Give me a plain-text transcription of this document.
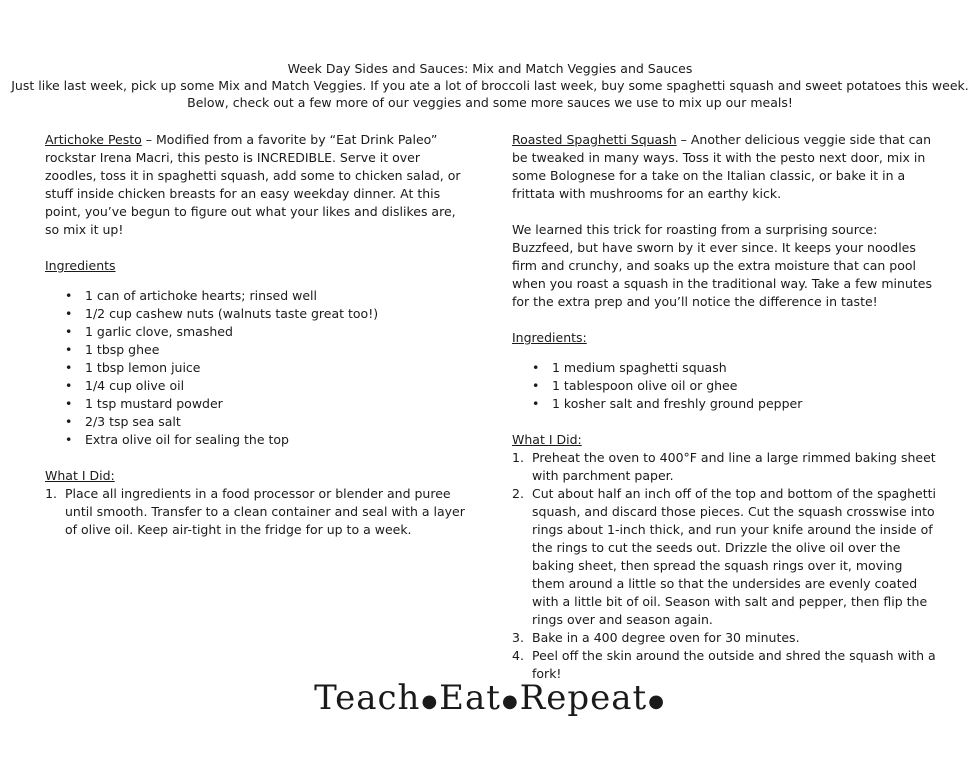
Week Day Sides and Sauces: Mix and Match Veggies and Sauces
Just like last week, pick up some Mix and Match Veggies. If you ate a lot of broccoli last week, buy some spaghetti squash and sweet potatoes this week.
Below, check out a few more of our veggies and some more sauces we use to mix up our meals!

Artichoke Pesto – Modified from a favorite by “Eat Drink Paleo” rockstar Irena Macri, this pesto is INCREDIBLE. Serve it over zoodles, toss it in spaghetti squash, add some to chicken salad, or stuff inside chicken breasts for an easy weekday dinner. At this point, you’ve begun to figure out what your likes and dislikes are, so mix it up!

Ingredients

• 1 can of artichoke hearts; rinsed well
• 1/2 cup cashew nuts (walnuts taste great too!)
• 1 garlic clove, smashed
• 1 tbsp ghee
• 1 tbsp lemon juice
• 1/4 cup olive oil
• 1 tsp mustard powder
• 2/3 tsp sea salt
• Extra olive oil for sealing the top

What I Did:

1. Place all ingredients in a food processor or blender and puree until smooth. Transfer to a clean container and seal with a layer of olive oil. Keep air-tight in the fridge for up to a week.

Roasted Spaghetti Squash – Another delicious veggie side that can be tweaked in many ways. Toss it with the pesto next door, mix in some Bolognese for a take on the Italian classic, or bake it in a frittata with mushrooms for an earthy kick.

We learned this trick for roasting from a surprising source: Buzzfeed, but have sworn by it ever since. It keeps your noodles firm and crunchy, and soaks up the extra moisture that can pool when you roast a squash in the traditional way. Take a few minutes for the extra prep and you’ll notice the difference in taste!

Ingredients:

• 1 medium spaghetti squash
• 1 tablespoon olive oil or ghee
• 1 kosher salt and freshly ground pepper

What I Did:

1. Preheat the oven to 400°F and line a large rimmed baking sheet with parchment paper.
2. Cut about half an inch off of the top and bottom of the spaghetti squash, and discard those pieces. Cut the squash crosswise into rings about 1-inch thick, and run your knife around the inside of the rings to cut the seeds out. Drizzle the olive oil over the baking sheet, then spread the squash rings over it, moving them around a little so that the undersides are evenly coated with a little bit of oil. Season with salt and pepper, then flip the rings over and season again.
3. Bake in a 400 degree oven for 30 minutes.
4. Peel off the skin around the outside and shred the squash with a fork!
Teach●Eat●Repeat●
